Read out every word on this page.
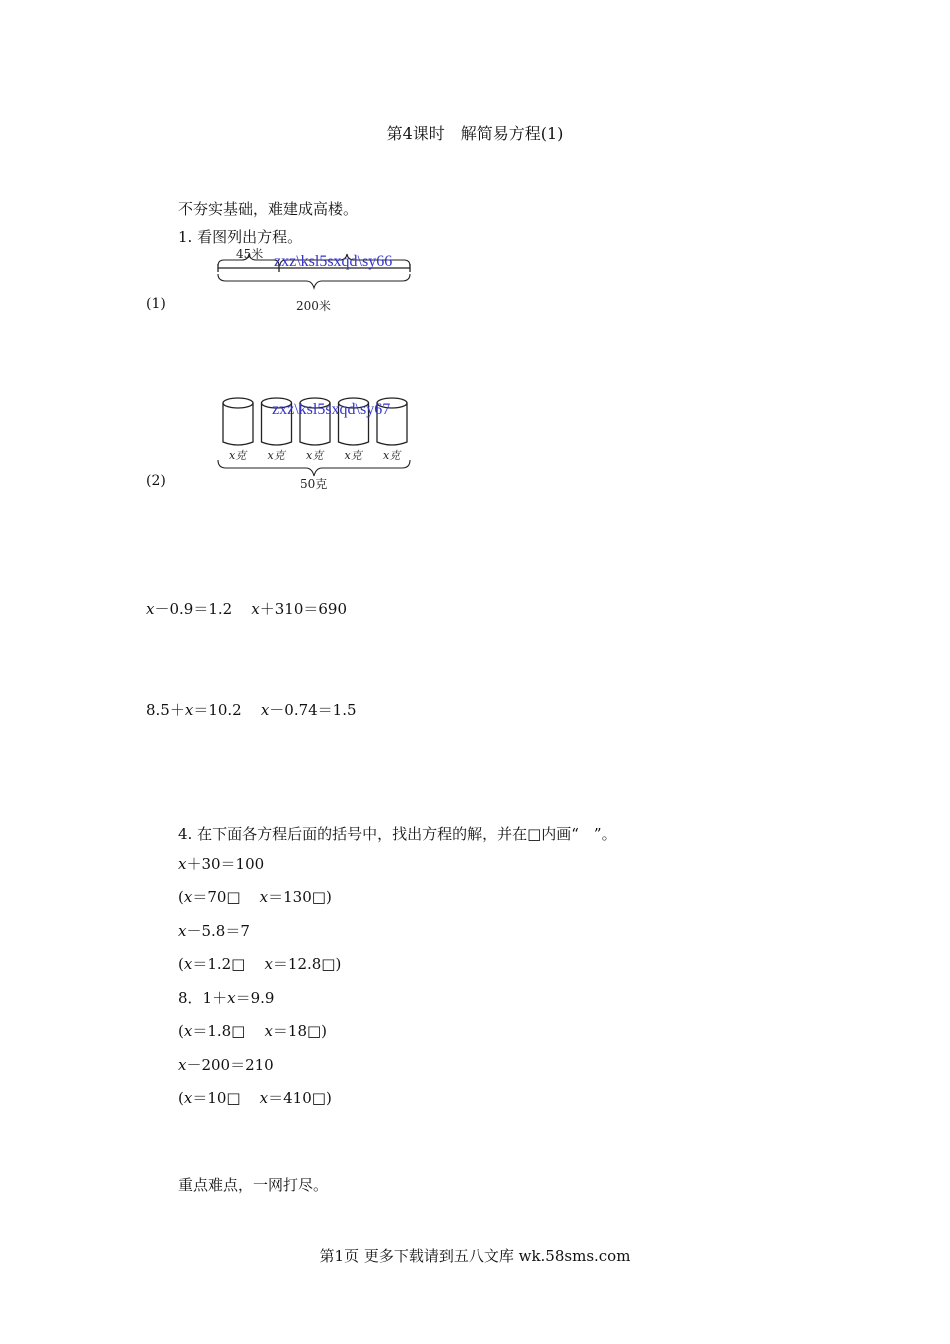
第4课时　解简易方程(1)
不夯实基础，难建成高楼。
1. 看图列出方程。
(1)
45米
200米
zxz\ksl5sxqd\sy66
(2)
x克 x克 x克 x克 x克
50克
zxz\ksl5sxqd\sy67
x－0.9＝1.2 x＋310＝690
8.5＋x＝10.2 x－0.74＝1.5
4. 在下面各方程后面的括号中，找出方程的解，并在□内画“　”。
x＋30＝100
(x＝70□ x＝130□)
x－5.8＝7
(x＝1.2□ x＝12.8□)
8．1＋x＝9.9
(x＝1.8□ x＝18□)
x－200＝210
(x＝10□ x＝410□)
重点难点，一网打尽。
第1页 更多下载请到五八文库 wk.58sms.com
